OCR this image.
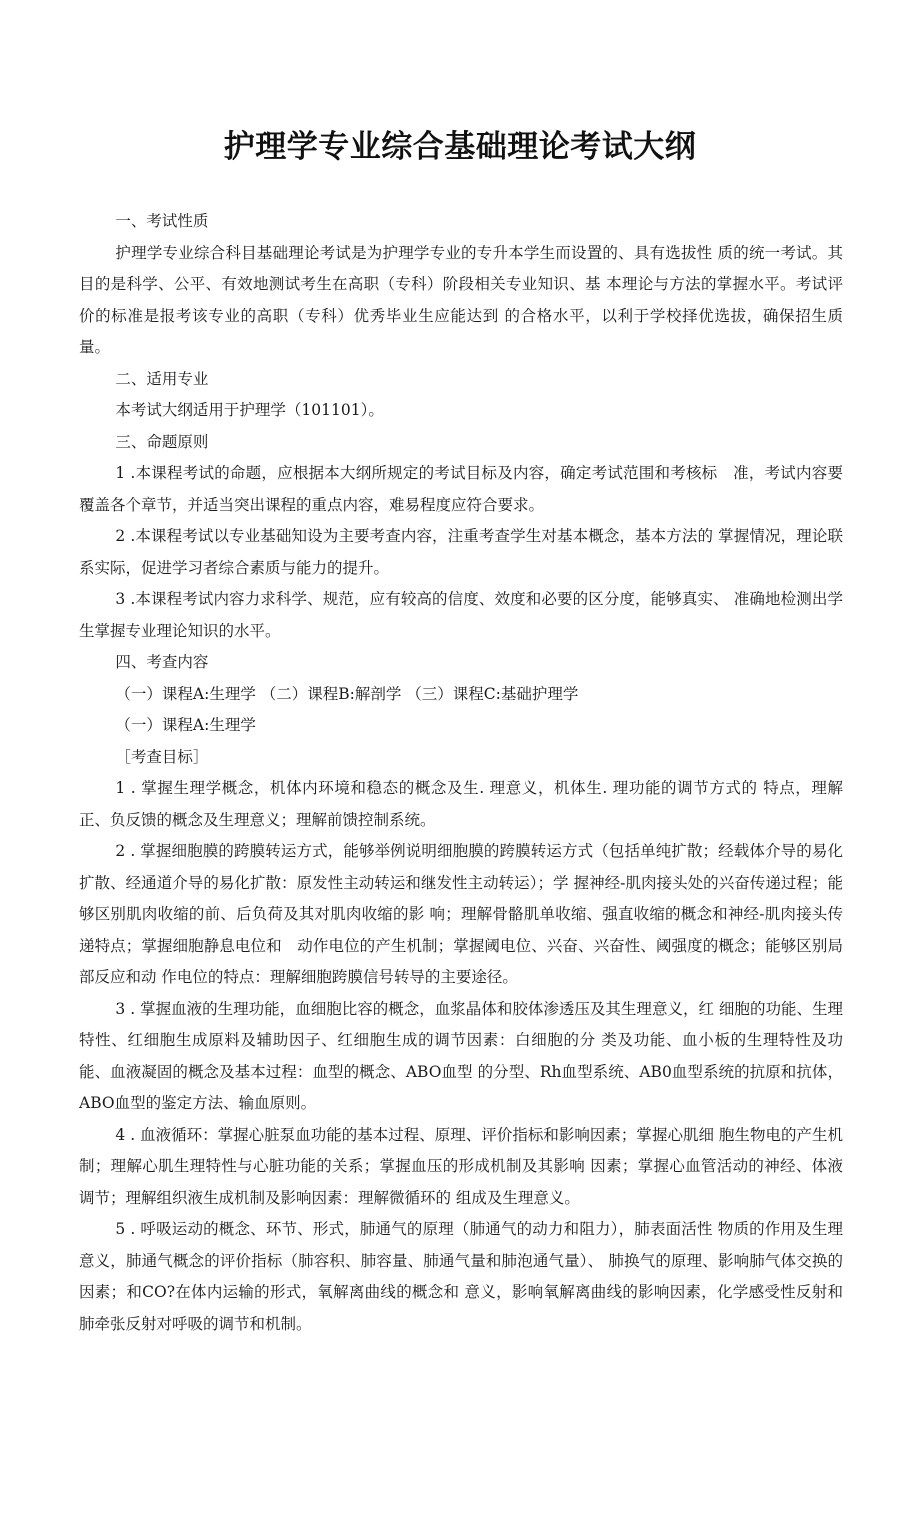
护理学专业综合基础理论考试大纲

一、考试性质

护理学专业综合科目基础理论考试是为护理学专业的专升本学生而设置的、具有选拔性 质的统一考试。其目的是科学、公平、有效地测试考生在高职（专科）阶段相关专业知识、基 本理论与方法的掌握水平。考试评价的标准是报考该专业的高职（专科）优秀毕业生应能达到 的合格水平，以利于学校择优选拔，确保招生质量。

二、适用专业

本考试大纲适用于护理学（101101）。

三、命题原则

1 .本课程考试的命题，应根据本大纲所规定的考试目标及内容，确定考试范围和考核标　准，考试内容要覆盖各个章节，并适当突出课程的重点内容，难易程度应符合要求。

2 .本课程考试以专业基础知设为主要考查内容，注重考查学生对基本概念，基本方法的 掌握情况，理论联系实际，促进学习者综合素质与能力的提升。

3 .本课程考试内容力求科学、规范，应有较高的信度、效度和必要的区分度，能够真实、 准确地检测出学生掌握专业理论知识的水平。

四、考查内容

（一）课程A:生理学 （二）课程B:解剖学 （三）课程C:基础护理学

（一）课程A:生理学

［考查目标］

1 . 掌握生理学概念，机体内环境和稳态的概念及生. 理意义，机体生. 理功能的调节方式的 特点，理解正、负反馈的概念及生理意义；理解前馈控制系统。

2 . 掌握细胞膜的跨膜转运方式，能够举例说明细胞膜的跨膜转运方式（包括单纯扩散；经载体介导的易化扩散、经通道介导的易化扩散：原发性主动转运和继发性主动转运）；学 握神经-肌肉接头处的兴奋传递过程；能够区别肌肉收缩的前、后负荷及其对肌肉收缩的影 响；理解骨骼肌单收缩、强直收缩的概念和神经-肌肉接头传递特点；掌握细胞静息电位和　动作电位的产生机制；掌握阈电位、兴奋、兴奋性、阈强度的概念；能够区别局部反应和动 作电位的特点：理解细胞跨膜信号转导的主要途径。

3 . 掌握血液的生理功能，血细胞比容的概念，血浆晶体和胶体渗透压及其生理意义，红 细胞的功能、生理特性、红细胞生成原料及辅助因子、红细胞生成的调节因素：白细胞的分 类及功能、血小板的生理特性及功能、血液凝固的概念及基本过程：血型的概念、ABO血型 的分型、Rh血型系统、AB0血型系统的抗原和抗体，ABO血型的鉴定方法、输血原则。

4 . 血液循环：掌握心脏泵血功能的基本过程、原理、评价指标和影响因素；掌握心肌细 胞生物电的产生机制；理解心肌生理特性与心脏功能的关系；掌握血压的形成机制及其影响 因素；掌握心血管活动的神经、体液调节；理解组织液生成机制及影响因素：理解微循环的 组成及生理意义。

5 . 呼吸运动的概念、环节、形式，肺通气的原理（肺通气的动力和阻力），肺表面活性 物质的作用及生理意义，肺通气概念的评价指标（肺容积、肺容量、肺通气量和肺泡通气量）、 肺换气的原理、影响肺气体交换的因素；和CO?在体内运输的形式，氧解离曲线的概念和 意义，影响氧解离曲线的影响因素，化学感受性反射和肺牵张反射对呼吸的调节和机制。
